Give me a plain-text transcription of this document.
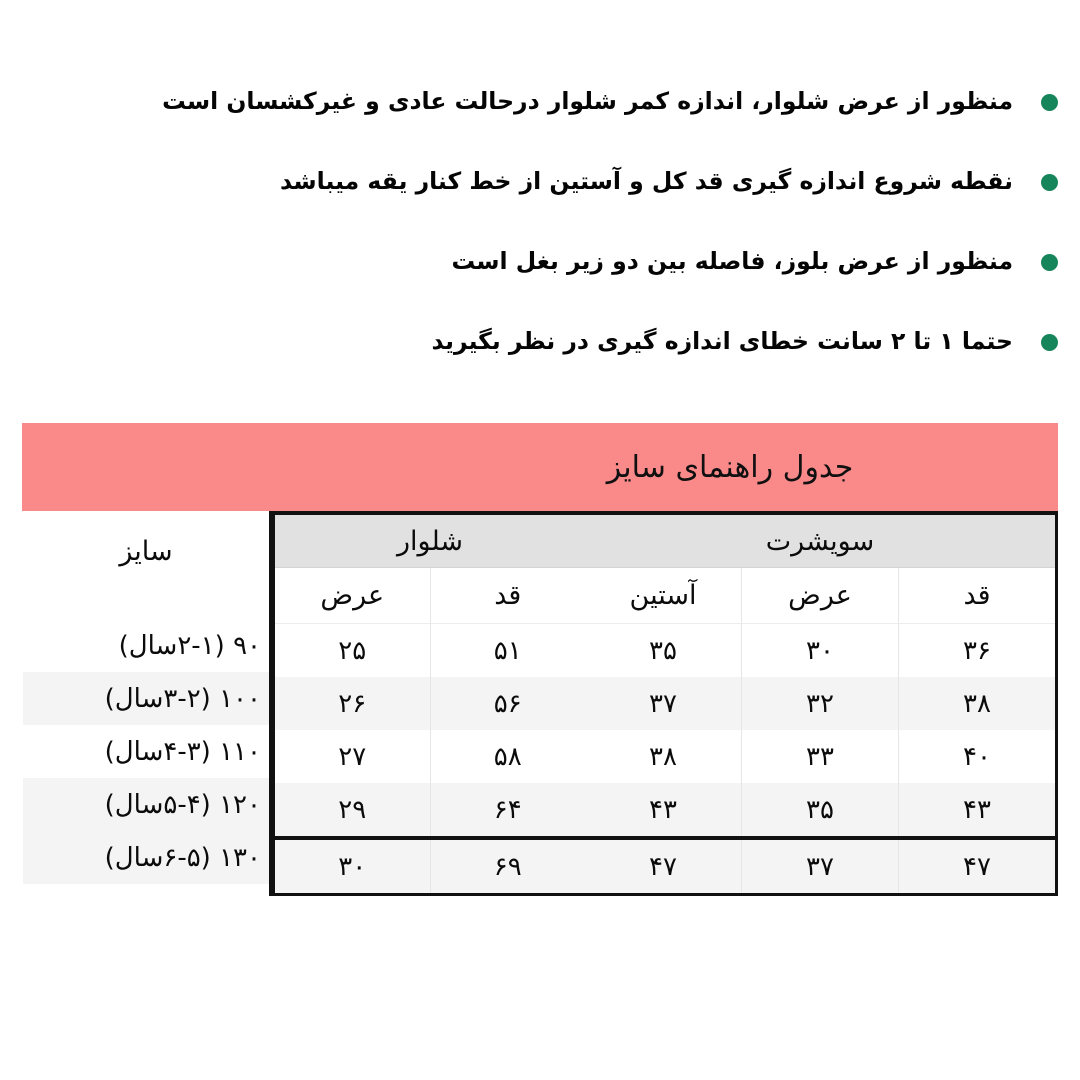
منظور از عرض شلوار، اندازه کمر شلوار درحالت عادی و غیرکشسان است
نقطه شروع اندازه گیری قد کل و آستین از خط کنار یقه میباشد
منظور از عرض بلوز، فاصله بین دو زیر بغل است
حتما ۱ تا ۲ سانت خطای اندازه گیری در نظر بگیرید
جدول راهنمای سایز
سویشرت
قد
عرض
آستین
۳۶
۳۰
۳۵
۳۸
۳۲
۳۷
۴۰
۳۳
۳۸
۴۳
۳۵
۴۳
۴۷
۳۷
۴۷
شلوار
قد
عرض
۵۱
۲۵
۵۶
۲۶
۵۸
۲۷
۶۴
۲۹
۶۹
۳۰
سایز
۹۰ (۲-۱سال)
۱۰۰ (۳-۲سال)
۱۱۰ (۴-۳سال)
۱۲۰ (۵-۴سال)
۱۳۰ (۶-۵سال)
